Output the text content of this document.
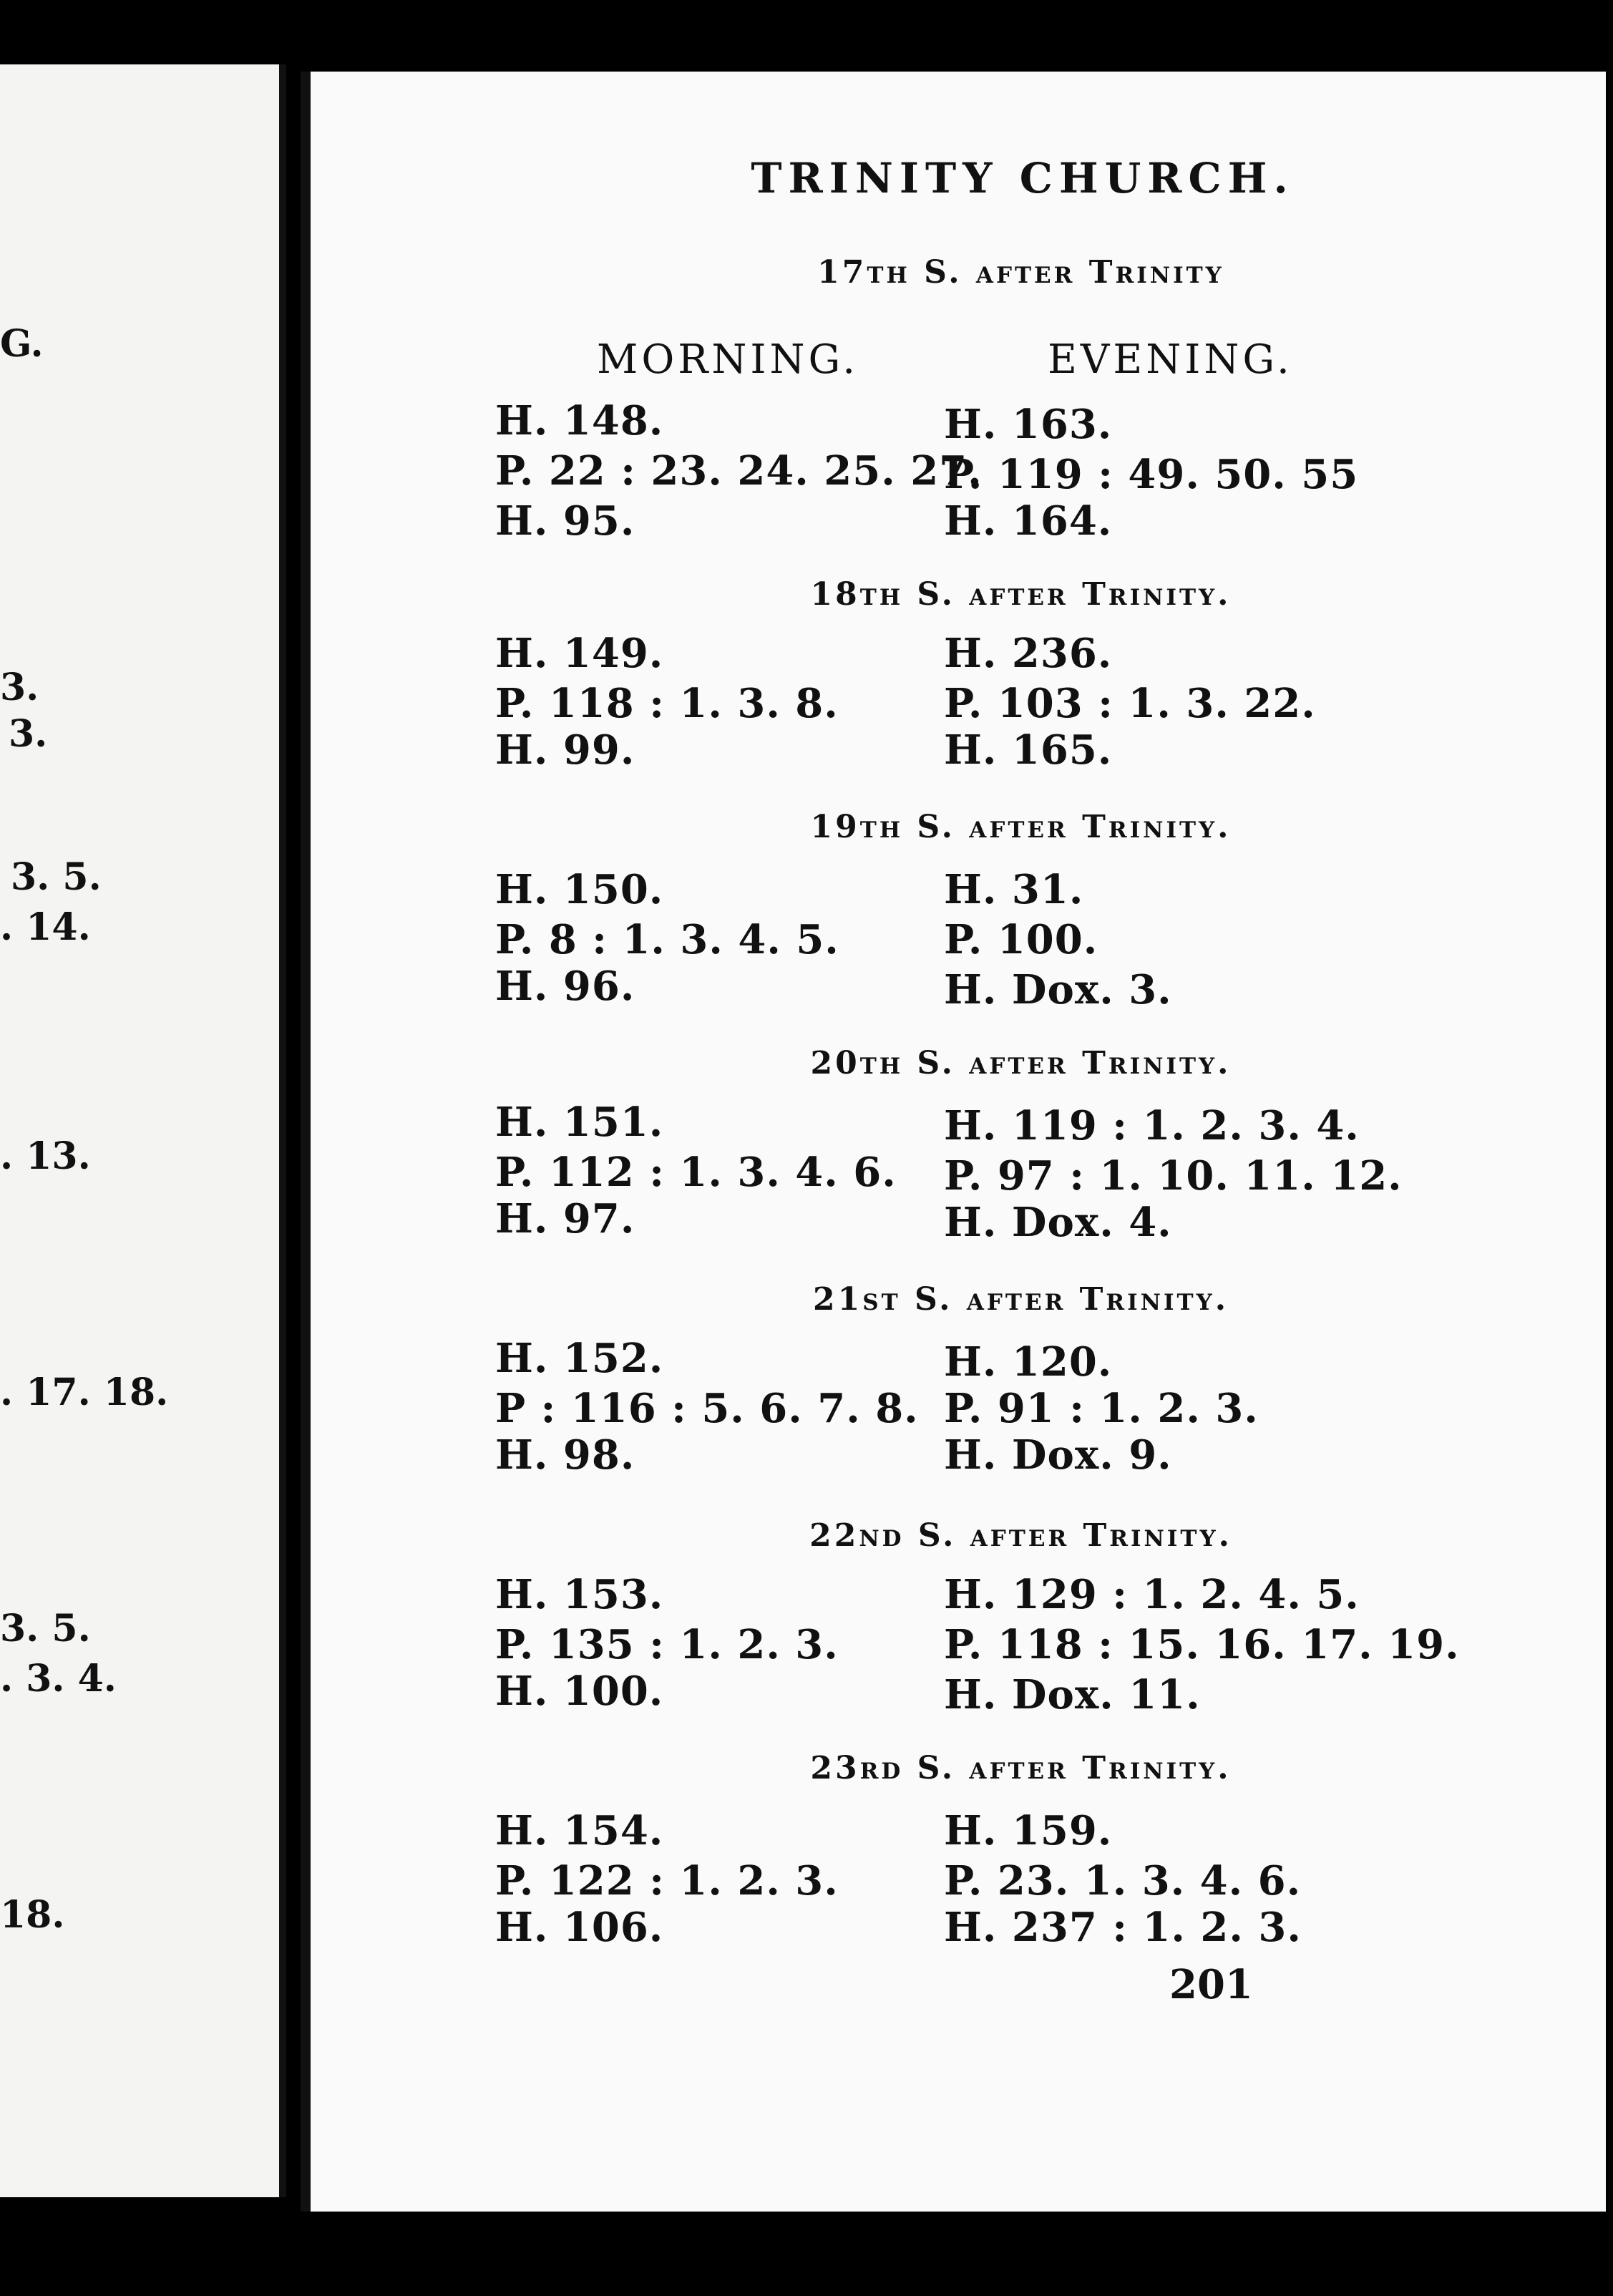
G.
3.
3.
3. 5.
. 14.
. 13.
. 17. 18.
3. 5.
. 3. 4.
18.
TRINITY CHURCH.
MORNING.	EVENING.
17th S. after Trinity
H. 148.
P. 22 : 23. 24. 25. 27.
H. 95.
H. 163.
P. 119 : 49. 50. 55
H. 164.
18th S. after Trinity.
H. 149.
P. 118 : 1. 3. 8.
H. 99.
H. 236.
P. 103 : 1. 3. 22.
H. 165.
19th S. after Trinity.
H. 150.
P. 8 : 1. 3. 4. 5.
H. 96.
H. 31.
P. 100.
H. Dox. 3.
20th S. after Trinity.
H. 151.
P. 112 : 1. 3. 4. 6.
H. 97.
H. 119 : 1. 2. 3. 4.
P. 97 : 1. 10. 11. 12.
H. Dox. 4.
21st S. after Trinity.
H. 152.
P : 116 : 5. 6. 7. 8.
H. 98.
H. 120.
P. 91 : 1. 2. 3.
H. Dox. 9.
22nd S. after Trinity.
H. 153.
P. 135 : 1. 2. 3.
H. 100.
H. 129 : 1. 2. 4. 5.
P. 118 : 15. 16. 17. 19.
H. Dox. 11.
23rd S. after Trinity.
H. 154.
P. 122 : 1. 2. 3.
H. 106.
H. 159.
P. 23. 1. 3. 4. 6.
H. 237 : 1. 2. 3.
201
